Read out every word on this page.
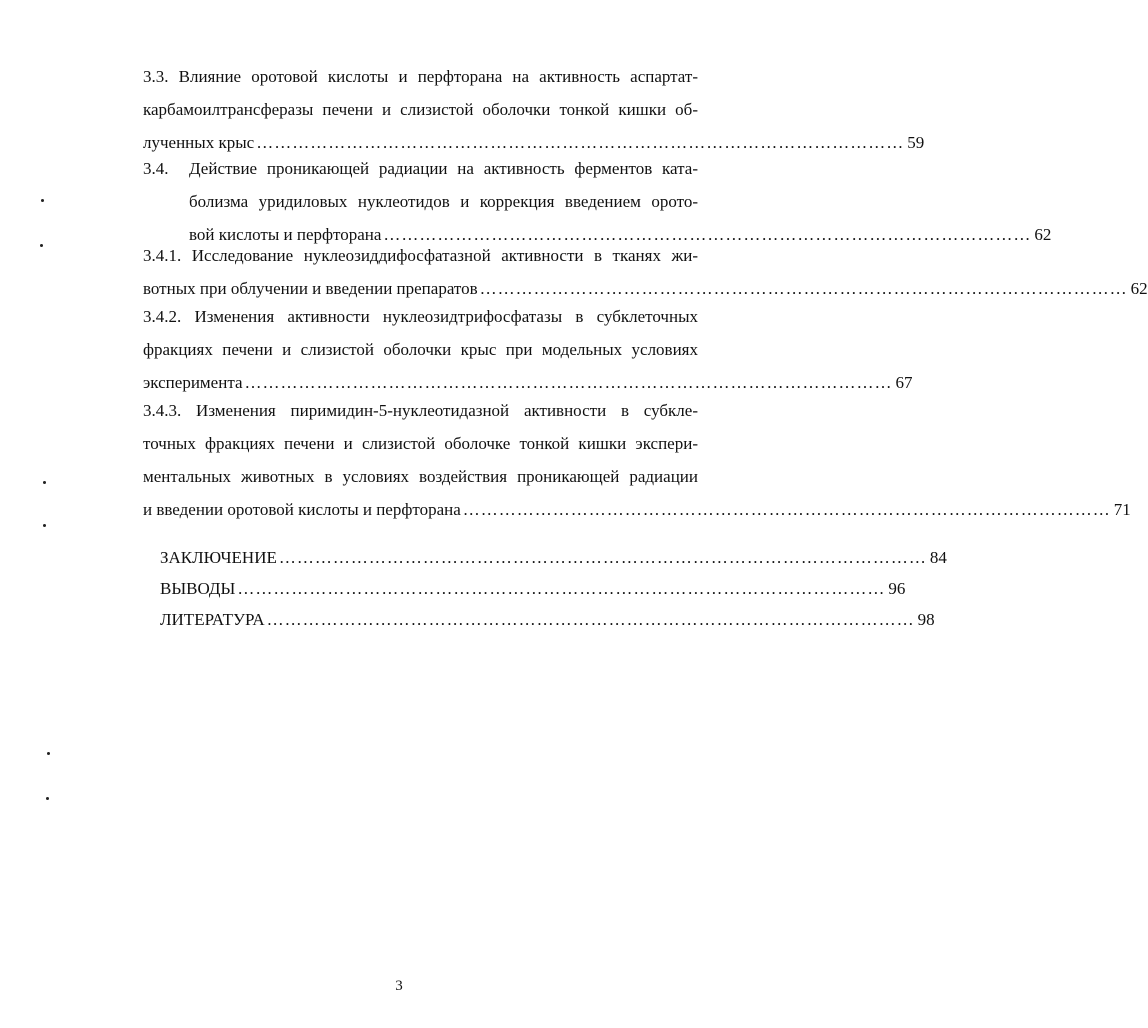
3.3. Влияние оротовой кислоты и перфторана на активность аспартат-
карбамоилтрансферазы печени и слизистой оболочки тонкой кишки об-
лученных крыс ……………………………………………………………………………………………… 59
3.4.	Действие проникающей радиации на активность ферментов ката-
болизма уридиловых нуклеотидов и коррекция введением орото-
вой кислоты и перфторана ……………………………………………………………………………………………… 62
3.4.1. Исследование нуклеозиддифосфатазной активности в тканях жи-
вотных при облучении и введении препаратов ……………………………………………………………………………………………… 62
3.4.2. Изменения активности нуклеозидтрифосфатазы в субклеточных
фракциях печени и слизистой оболочки крыс при модельных условиях
эксперимента ……………………………………………………………………………………………… 67
3.4.3. Изменения пиримидин-5-нуклеотидазной активности в субкле-
точных фракциях печени и слизистой оболочке тонкой кишки экспери-
ментальных животных в условиях воздействия проникающей радиации
и введении оротовой кислоты и перфторана ……………………………………………………………………………………………… 71
ЗАКЛЮЧЕНИЕ ……………………………………………………………………………………………… 84
ВЫВОДЫ ……………………………………………………………………………………………… 96
ЛИТЕРАТУРА ……………………………………………………………………………………………… 98
3
